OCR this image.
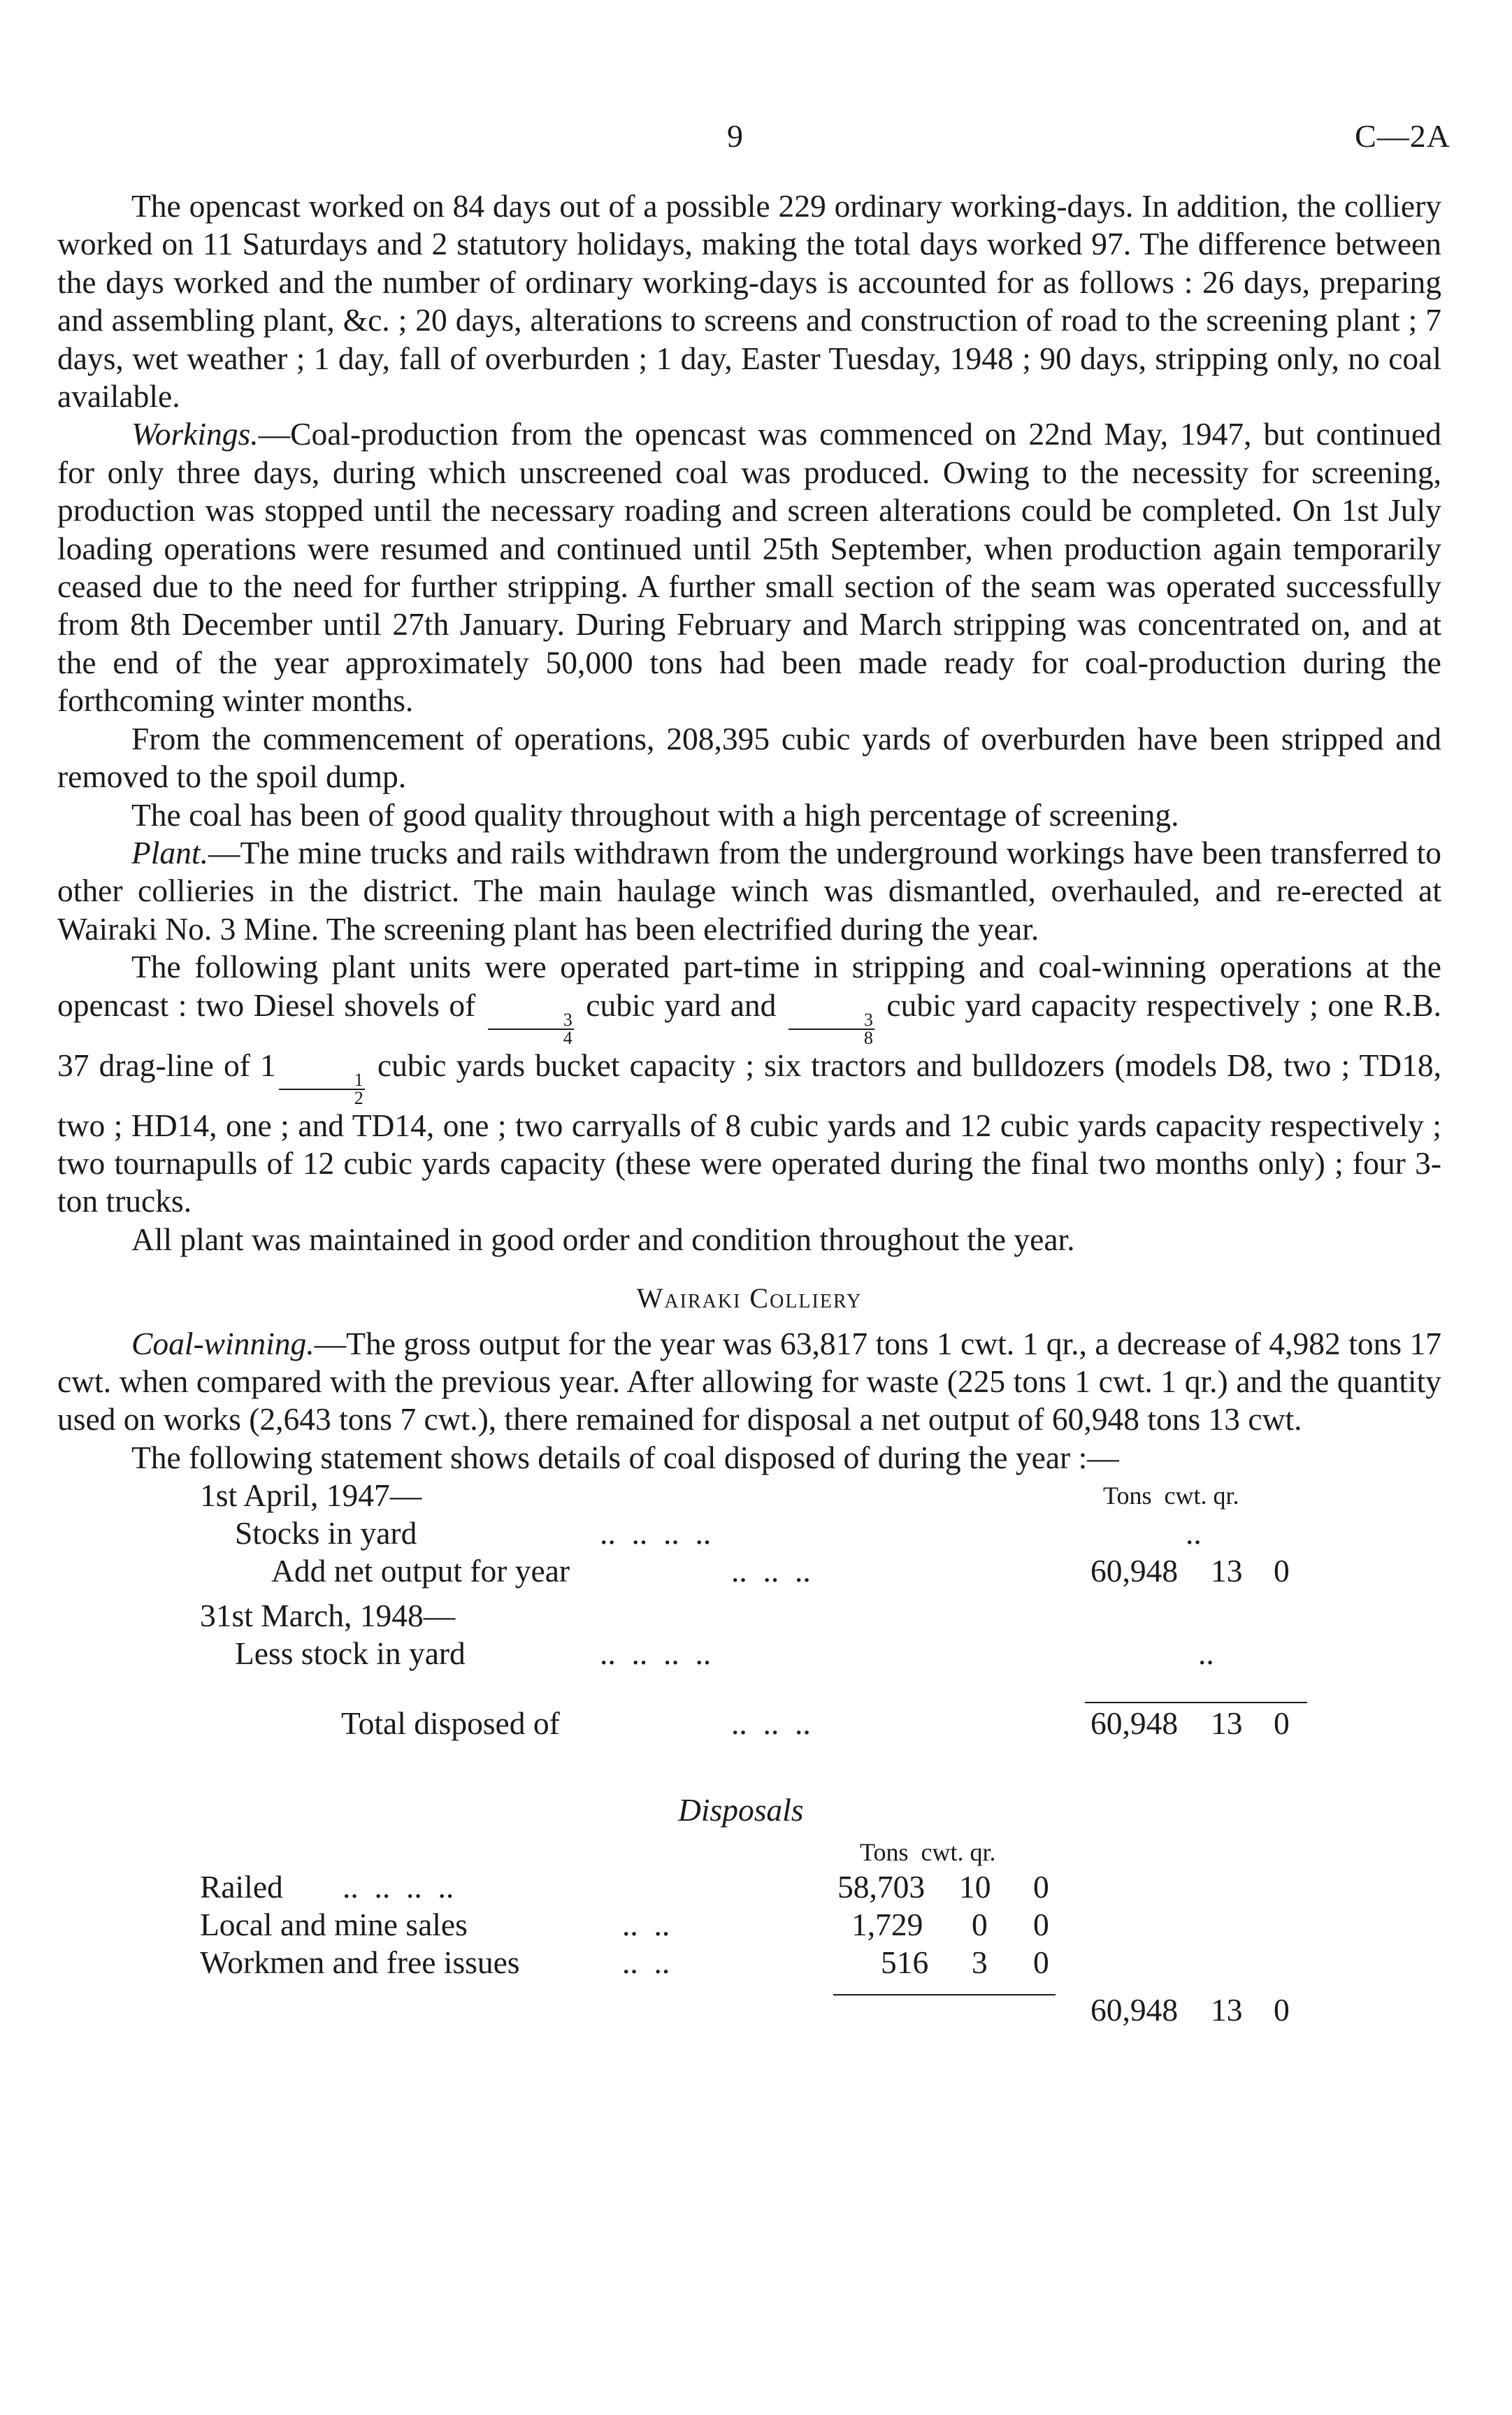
9	C—2A

The opencast worked on 84 days out of a possible 229 ordinary working-days. In addition, the colliery worked on 11 Saturdays and 2 statutory holidays, making the total days worked 97. The difference between the days worked and the number of ordinary working-days is accounted for as follows : 26 days, preparing and assembling plant, &c. ; 20 days, alterations to screens and construction of road to the screening plant ; 7 days, wet weather ; 1 day, fall of overburden ; 1 day, Easter Tuesday, 1948 ; 90 days, stripping only, no coal available.

Workings.—Coal-production from the opencast was commenced on 22nd May, 1947, but continued for only three days, during which unscreened coal was produced. Owing to the necessity for screening, production was stopped until the necessary roading and screen alterations could be completed. On 1st July loading operations were resumed and continued until 25th September, when production again temporarily ceased due to the need for further stripping. A further small section of the seam was operated successfully from 8th December until 27th January. During February and March stripping was concentrated on, and at the end of the year approximately 50,000 tons had been made ready for coal-production during the forthcoming winter months.

From the commencement of operations, 208,395 cubic yards of overburden have been stripped and removed to the spoil dump.

The coal has been of good quality throughout with a high percentage of screening.

Plant.—The mine trucks and rails withdrawn from the underground workings have been transferred to other collieries in the district. The main haulage winch was dismantled, overhauled, and re-erected at Wairaki No. 3 Mine. The screening plant has been electrified during the year.

The following plant units were operated part-time in stripping and coal-winning operations at the opencast : two Diesel shovels of
$\frac{3}{4}$
cubic yard and
$\frac{3}{8}$
cubic yard capacity respectively ; one R.B. 37 drag-line of 1
$\frac{1}{2}$
cubic yards bucket capacity ; six tractors and bulldozers (models D8, two ; TD18, two ; HD14, one ; and TD14, one ; two carryalls of 8 cubic yards and 12 cubic yards capacity respectively ; two tournapulls of 12 cubic yards capacity (these were operated during the final two months only) ; four 3-ton trucks.

All plant was maintained in good order and condition throughout the year.

Wairaki Colliery

Coal-winning.—The gross output for the year was 63,817 tons 1 cwt. 1 qr., a decrease of 4,982 tons 17 cwt. when compared with the previous year. After allowing for waste (225 tons 1 cwt. 1 qr.) and the quantity used on works (2,643 tons 7 cwt.), there remained for disposal a net output of 60,948 tons 13 cwt.

The following statement shows details of coal disposed of during the year :—

1st April, 1947—	Tons  cwt. qr.
Stocks in yard	..  ..  ..  ..	..
Add net output for year	..  ..  ..	60,948 13 0
31st March, 1948—
Less stock in yard	..  ..  ..  ..	..
Total disposed of	..  ..  ..	60,948 13 0
Disposals
Tons  cwt. qr.
Railed ..  ..  ..  ..	58,703 10 0
Local and mine sales	..  ..	1,729 0 0
Workmen and free issues	..  ..	516 3 0
60,948 13 0
